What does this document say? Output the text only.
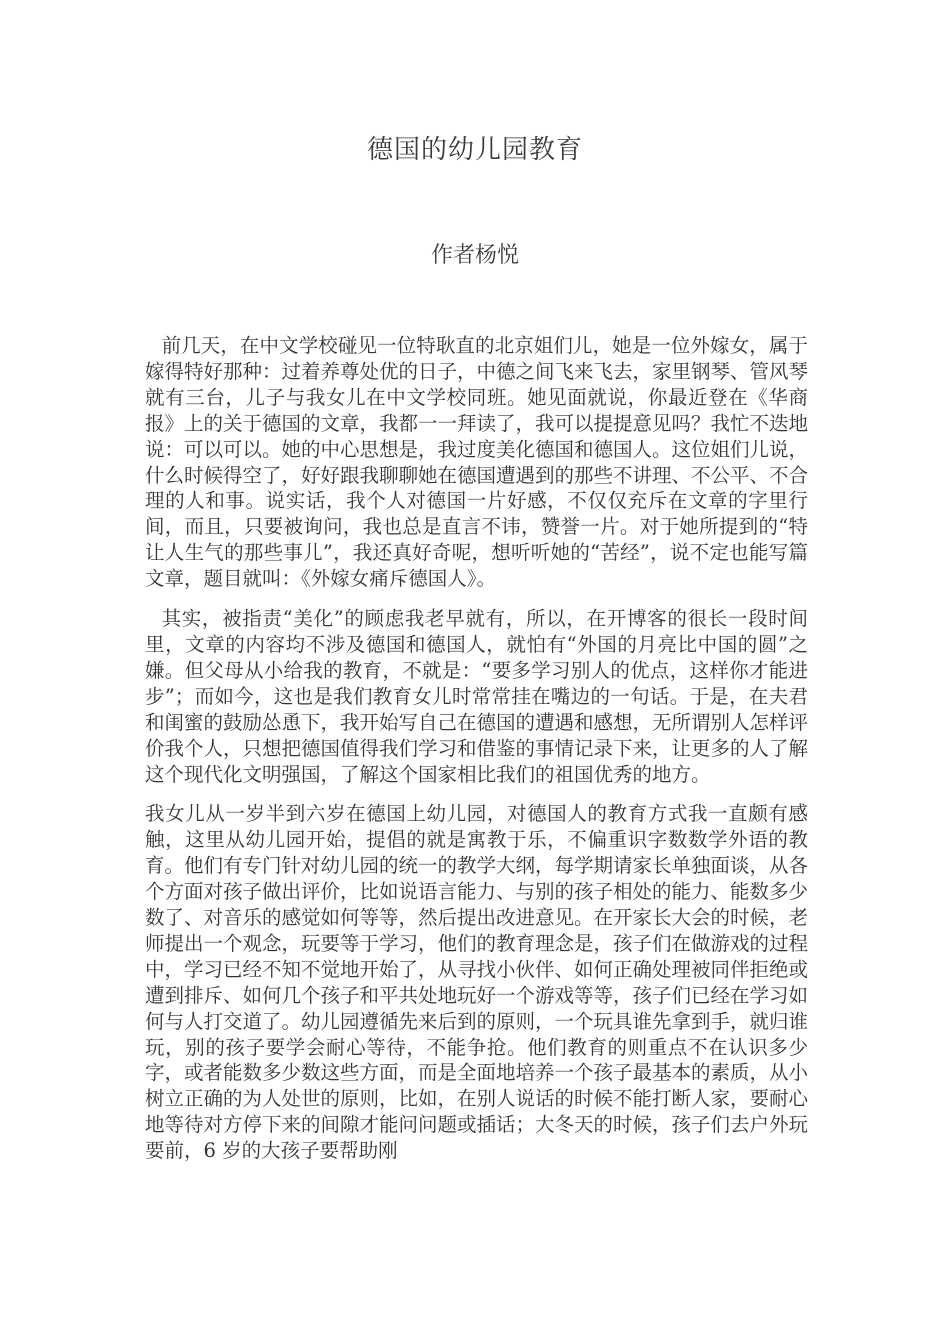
德国的幼儿园教育
作者杨悦

前几天，在中文学校碰见一位特耿直的北京姐们儿，她是一位外嫁女，属于嫁得特好那种：过着养尊处优的日子，中德之间飞来飞去，家里钢琴、管风琴就有三台，儿子与我女儿在中文学校同班。她见面就说，你最近登在《华商报》上的关于德国的文章，我都一一拜读了，我可以提提意见吗？我忙不迭地说：可以可以。她的中心思想是，我过度美化德国和德国人。这位姐们儿说，什么时候得空了，好好跟我聊聊她在德国遭遇到的那些不讲理、不公平、不合理的人和事。说实话，我个人对德国一片好感，不仅仅充斥在文章的字里行间，而且，只要被询问，我也总是直言不讳，赞誉一片。对于她所提到的“特让人生气的那些事儿”，我还真好奇呢，想听听她的“苦经”，说不定也能写篇文章，题目就叫：《外嫁女痛斥德国人》。

其实，被指责“美化”的顾虑我老早就有，所以，在开博客的很长一段时间里，文章的内容均不涉及德国和德国人，就怕有“外国的月亮比中国的圆”之嫌。但父母从小给我的教育，不就是：“要多学习别人的优点，这样你才能进步”；而如今，这也是我们教育女儿时常常挂在嘴边的一句话。于是，在夫君和闺蜜的鼓励怂恿下，我开始写自己在德国的遭遇和感想，无所谓别人怎样评价我个人，只想把德国值得我们学习和借鉴的事情记录下来，让更多的人了解这个现代化文明强国，了解这个国家相比我们的祖国优秀的地方。

我女儿从一岁半到六岁在德国上幼儿园，对德国人的教育方式我一直颇有感触，这里从幼儿园开始，提倡的就是寓教于乐，不偏重识字数数学外语的教育。他们有专门针对幼儿园的统一的教学大纲，每学期请家长单独面谈，从各个方面对孩子做出评价，比如说语言能力、与别的孩子相处的能力、能数多少数了、对音乐的感觉如何等等，然后提出改进意见。在开家长大会的时候，老师提出一个观念，玩要等于学习，他们的教育理念是，孩子们在做游戏的过程中，学习已经不知不觉地开始了，从寻找小伙伴、如何正确处理被同伴拒绝或遭到排斥、如何几个孩子和平共处地玩好一个游戏等等，孩子们已经在学习如何与人打交道了。幼儿园遵循先来后到的原则，一个玩具谁先拿到手，就归谁玩，别的孩子要学会耐心等待，不能争抢。他们教育的则重点不在认识多少字，或者能数多少数这些方面，而是全面地培养一个孩子最基本的素质，从小树立正确的为人处世的原则，比如，在别人说话的时候不能打断人家，要耐心地等待对方停下来的间隙才能问问题或插话；大冬天的时候，孩子们去户外玩要前，6 岁的大孩子要帮助刚
